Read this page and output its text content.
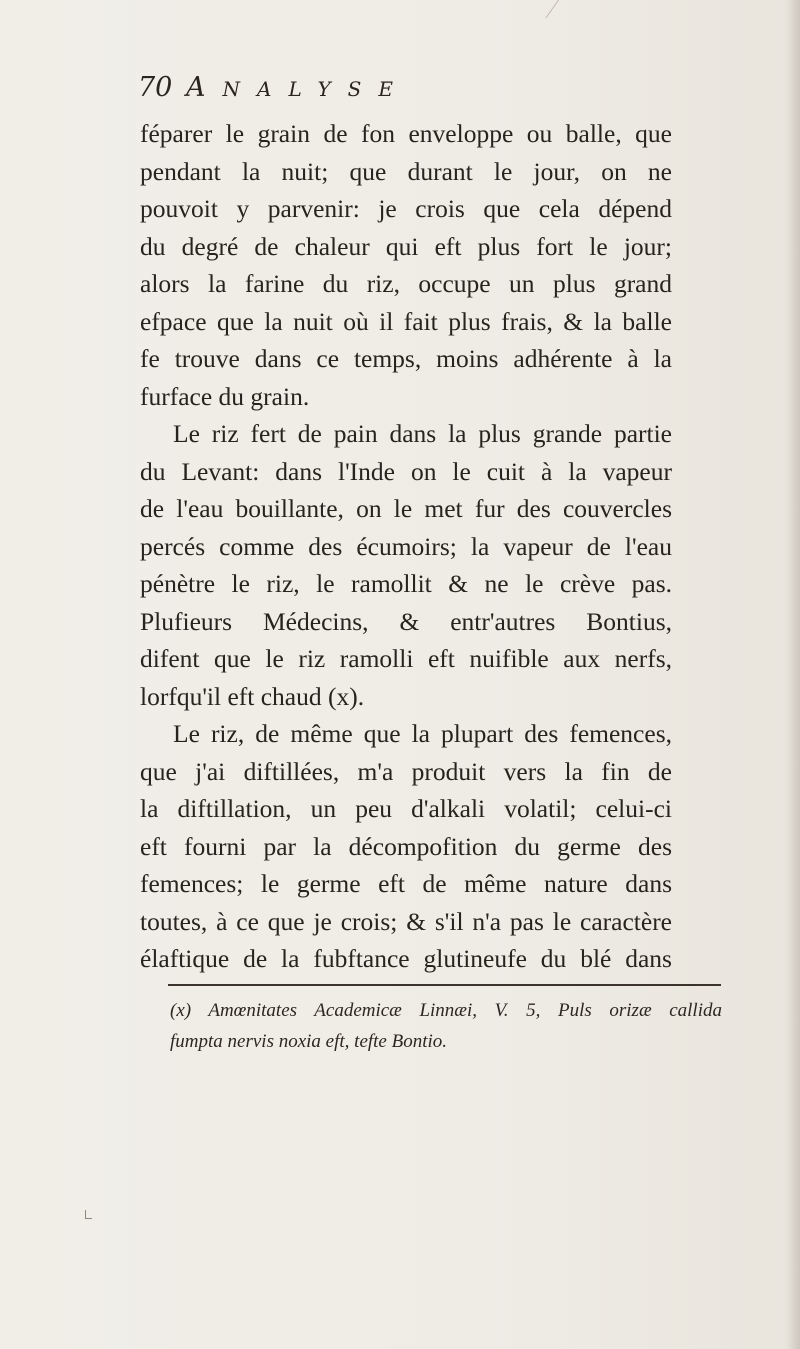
70 ANALYSE
féparer le grain de fon enveloppe ou balle, que
pendant la nuit; que durant le jour, on ne
pouvoit y parvenir: je crois que cela dépend
du degré de chaleur qui eft plus fort le jour;
alors la farine du riz, occupe un plus grand
efpace que la nuit où il fait plus frais, & la balle
fe trouve dans ce temps, moins adhérente à la
furface du grain.
Le riz fert de pain dans la plus grande partie
du Levant: dans l'Inde on le cuit à la vapeur
de l'eau bouillante, on le met fur des couvercles
percés comme des écumoirs; la vapeur de l'eau
pénètre le riz, le ramollit & ne le crève pas.
Plufieurs Médecins, & entr'autres Bontius,
difent que le riz ramolli eft nuifible aux nerfs,
lorfqu'il eft chaud (x).
Le riz, de même que la plupart des femences,
que j'ai diftillées, m'a produit vers la fin de
la diftillation, un peu d'alkali volatil; celui-ci
eft fourni par la décompofition du germe des
femences; le germe eft de même nature dans
toutes, à ce que je crois; & s'il n'a pas le caractère
élaftique de la fubftance glutineufe du blé dans
(x) Amœnitates Academicæ Linnæi, V. 5, Puls orizæ callida
fumpta nervis noxia eft, tefte Bontio.
